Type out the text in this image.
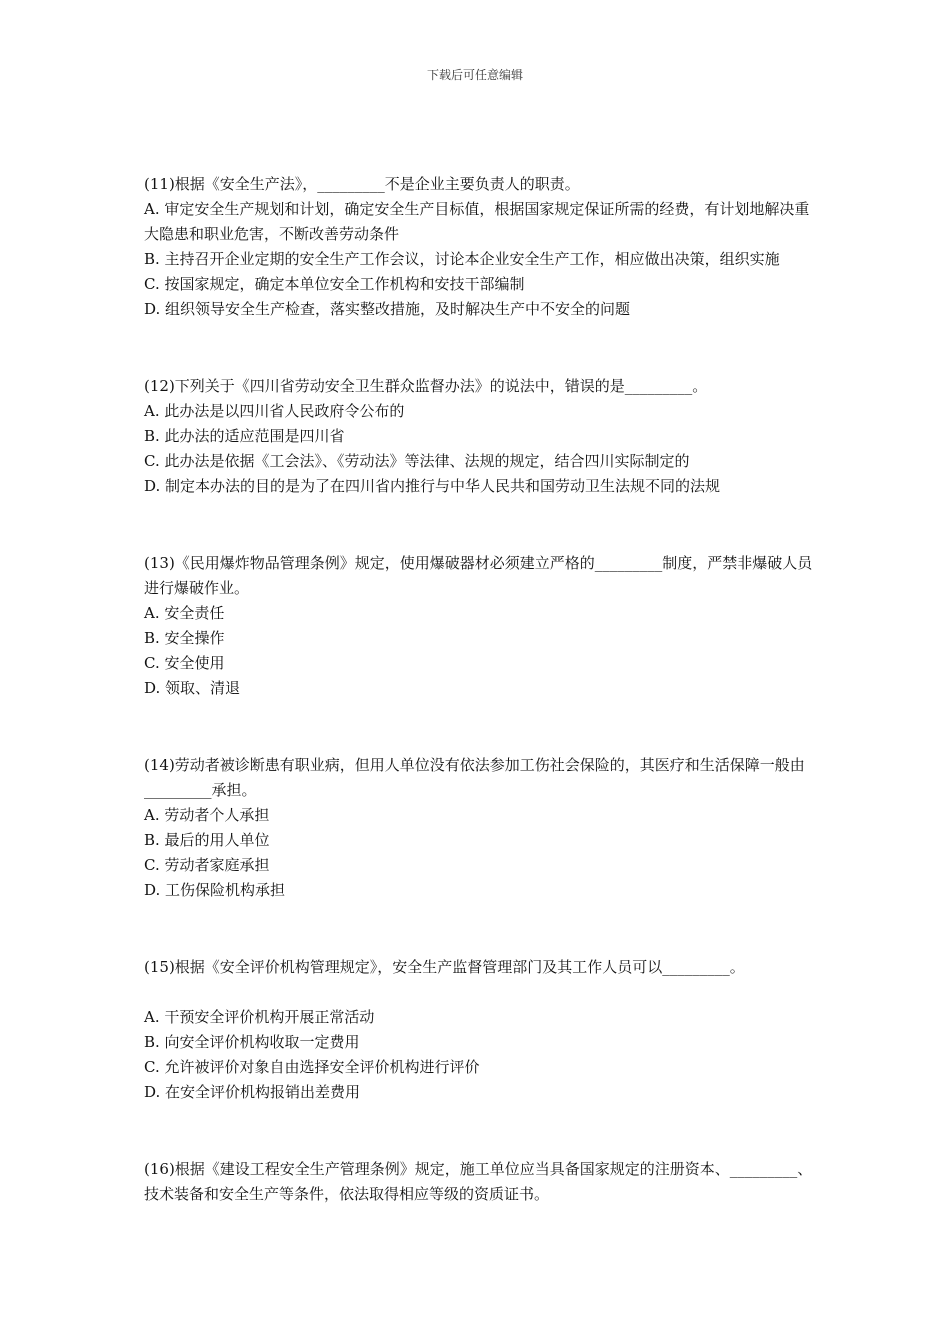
下载后可任意编辑

(11)根据《安全生产法》，_________不是企业主要负责人的职责。

A. 审定安全生产规划和计划，确定安全生产目标值，根据国家规定保证所需的经费，有计划地解决重大隐患和职业危害，不断改善劳动条件

B. 主持召开企业定期的安全生产工作会议，讨论本企业安全生产工作，相应做出决策，组织实施

C. 按国家规定，确定本单位安全工作机构和安技干部编制

D. 组织领导安全生产检查，落实整改措施，及时解决生产中不安全的问题

(12)下列关于《四川省劳动安全卫生群众监督办法》的说法中，错误的是_________。

A. 此办法是以四川省人民政府令公布的

B. 此办法的适应范围是四川省

C. 此办法是依据《工会法》、《劳动法》等法律、法规的规定，结合四川实际制定的

D. 制定本办法的目的是为了在四川省内推行与中华人民共和国劳动卫生法规不同的法规

(13)《民用爆炸物品管理条例》规定，使用爆破器材必须建立严格的_________制度，严禁非爆破人员进行爆破作业。

A. 安全责任

B. 安全操作

C. 安全使用

D. 领取、清退

(14)劳动者被诊断患有职业病，但用人单位没有依法参加工伤社会保险的，其医疗和生活保障一般由_________承担。

A. 劳动者个人承担

B. 最后的用人单位

C. 劳动者家庭承担

D. 工伤保险机构承担

(15)根据《安全评价机构管理规定》，安全生产监督管理部门及其工作人员可以_________。

A. 干预安全评价机构开展正常活动

B. 向安全评价机构收取一定费用

C. 允许被评价对象自由选择安全评价机构进行评价

D. 在安全评价机构报销出差费用

(16)根据《建设工程安全生产管理条例》规定，施工单位应当具备国家规定的注册资本、_________、技术装备和安全生产等条件，依法取得相应等级的资质证书。
